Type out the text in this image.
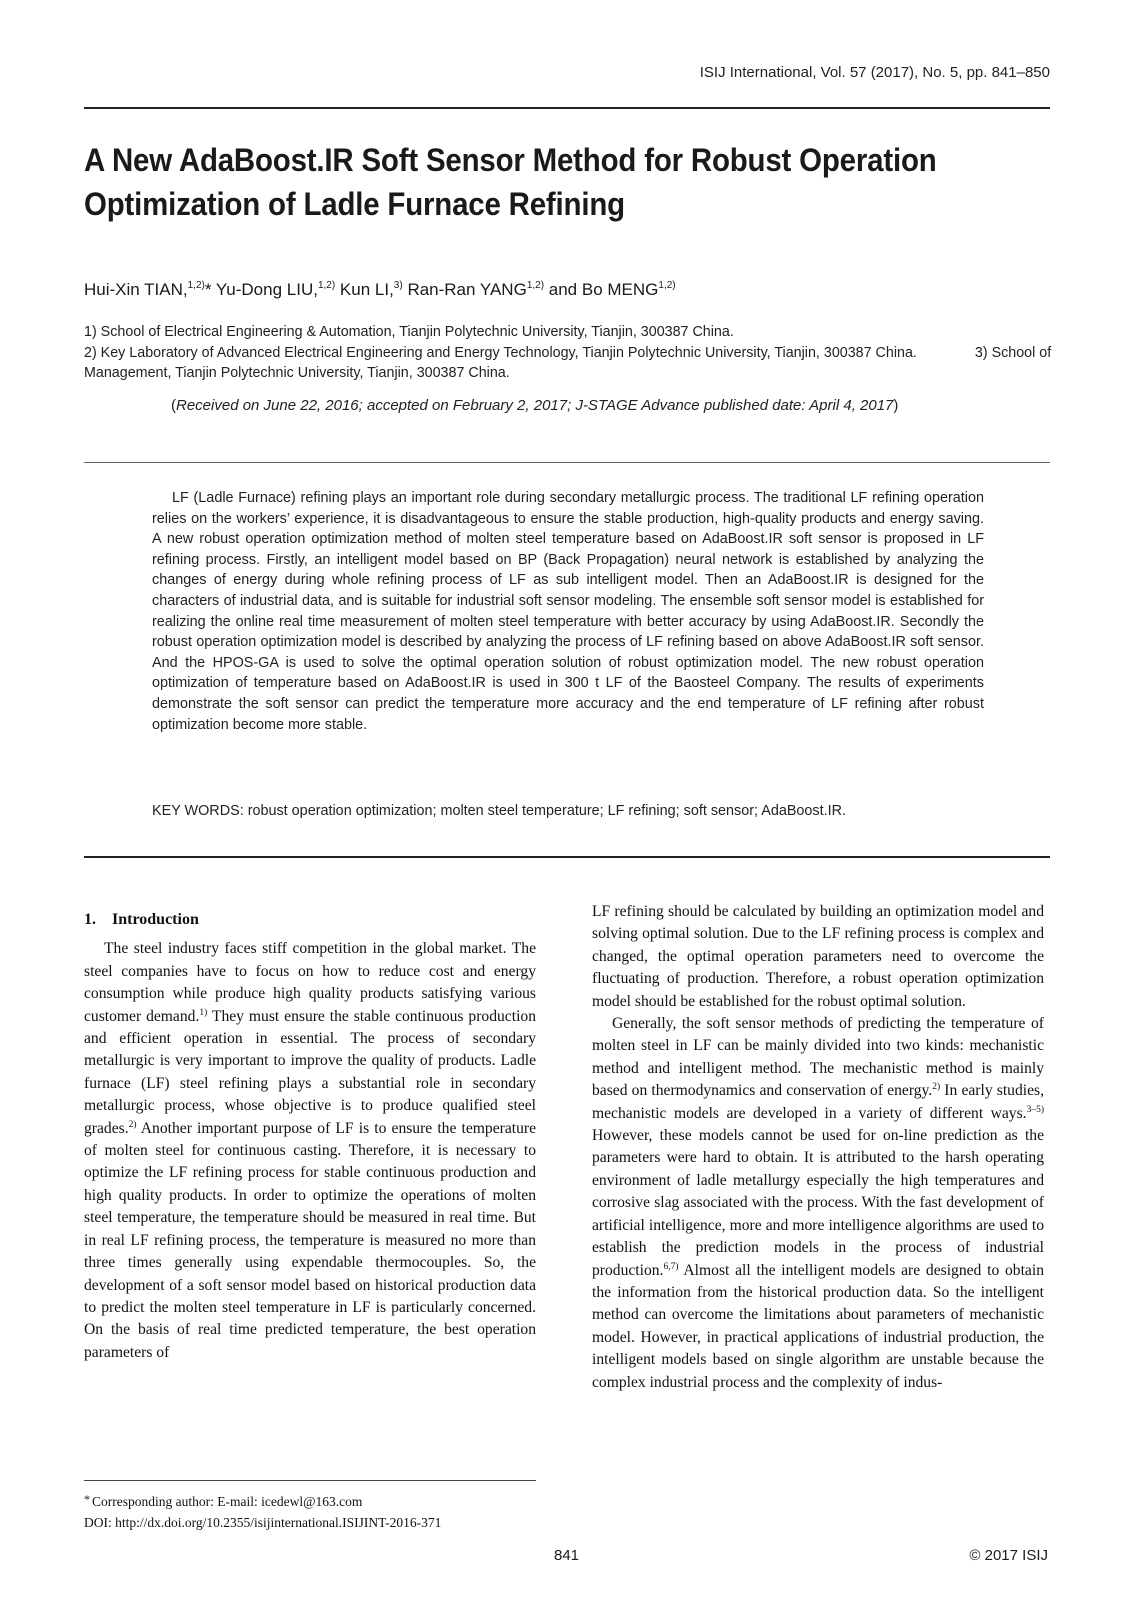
ISIJ International, Vol. 57 (2017), No. 5, pp. 841–850
A New AdaBoost.IR Soft Sensor Method for Robust Operation Optimization of Ladle Furnace Refining
Hui-Xin TIAN,$^{1,2)}$* Yu-Dong LIU,$^{1,2)}$ Kun LI,$^{3)}$ Ran-Ran YANG$^{1,2)}$ and Bo MENG$^{1,2)}$
1) School of Electrical Engineering & Automation, Tianjin Polytechnic University, Tianjin, 300387 China.
2) Key Laboratory of Advanced Electrical Engineering and Energy Technology, Tianjin Polytechnic University, Tianjin, 300387 China.	3) School of Management, Tianjin Polytechnic University, Tianjin, 300387 China.
(Received on June 22, 2016; accepted on February 2, 2017; J-STAGE Advance published date: April 4, 2017)

LF (Ladle Furnace) refining plays an important role during secondary metallurgic process. The traditional LF refining operation relies on the workers’ experience, it is disadvantageous to ensure the stable production, high-quality products and energy saving. A new robust operation optimization method of molten steel temperature based on AdaBoost.IR soft sensor is proposed in LF refining process. Firstly, an intelligent model based on BP (Back Propagation) neural network is established by analyzing the changes of energy during whole refining process of LF as sub intelligent model. Then an AdaBoost.IR is designed for the characters of industrial data, and is suitable for industrial soft sensor modeling. The ensemble soft sensor model is established for realizing the online real time measurement of molten steel temperature with better accuracy by using AdaBoost.IR. Secondly the robust operation optimization model is described by analyzing the process of LF refining based on above AdaBoost.IR soft sensor. And the HPOS-GA is used to solve the optimal operation solution of robust optimization model. The new robust operation optimization of temperature based on AdaBoost.IR is used in 300 t LF of the Baosteel Company. The results of experiments demonstrate the soft sensor can predict the temperature more accuracy and the end temperature of LF refining after robust optimization become more stable.

KEY WORDS: robust operation optimization; molten steel temperature; LF refining; soft sensor; AdaBoost.IR.
1. Introduction

The steel industry faces stiff competition in the global market. The steel companies have to focus on how to reduce cost and energy consumption while produce high quality products satisfying various customer demand.$^{1)}$ They must ensure the stable continuous production and efficient operation in essential. The process of secondary metallurgic is very important to improve the quality of products. Ladle furnace (LF) steel refining plays a substantial role in secondary metallurgic process, whose objective is to produce qualified steel grades.$^{2)}$ Another important purpose of LF is to ensure the temperature of molten steel for continuous casting. Therefore, it is necessary to optimize the LF refining process for stable continuous production and high quality products. In order to optimize the operations of molten steel temperature, the temperature should be measured in real time. But in real LF refining process, the temperature is measured no more than three times generally using expendable thermocouples. So, the development of a soft sensor model based on historical production data to predict the molten steel temperature in LF is particularly concerned. On the basis of real time predicted temperature, the best operation parameters of

LF refining should be calculated by building an optimization model and solving optimal solution. Due to the LF refining process is complex and changed, the optimal operation parameters need to overcome the fluctuating of production. Therefore, a robust operation optimization model should be established for the robust optimal solution.

Generally, the soft sensor methods of predicting the temperature of molten steel in LF can be mainly divided into two kinds: mechanistic method and intelligent method. The mechanistic method is mainly based on thermodynamics and conservation of energy.$^{2)}$ In early studies, mechanistic models are developed in a variety of different ways.$^{3-5)}$ However, these models cannot be used for on-line prediction as the parameters were hard to obtain. It is attributed to the harsh operating environment of ladle metallurgy especially the high temperatures and corrosive slag associated with the process. With the fast development of artificial intelligence, more and more intelligence algorithms are used to establish the prediction models in the process of industrial production.$^{6,7)}$ Almost all the intelligent models are designed to obtain the information from the historical production data. So the intelligent method can overcome the limitations about parameters of mechanistic model. However, in practical applications of industrial production, the intelligent models based on single algorithm are unstable because the complex industrial process and the complexity of indus-

* Corresponding author: E-mail: icedewl@163.com
DOI: http://dx.doi.org/10.2355/isijinternational.ISIJINT-2016-371
841	© 2017 ISIJ
